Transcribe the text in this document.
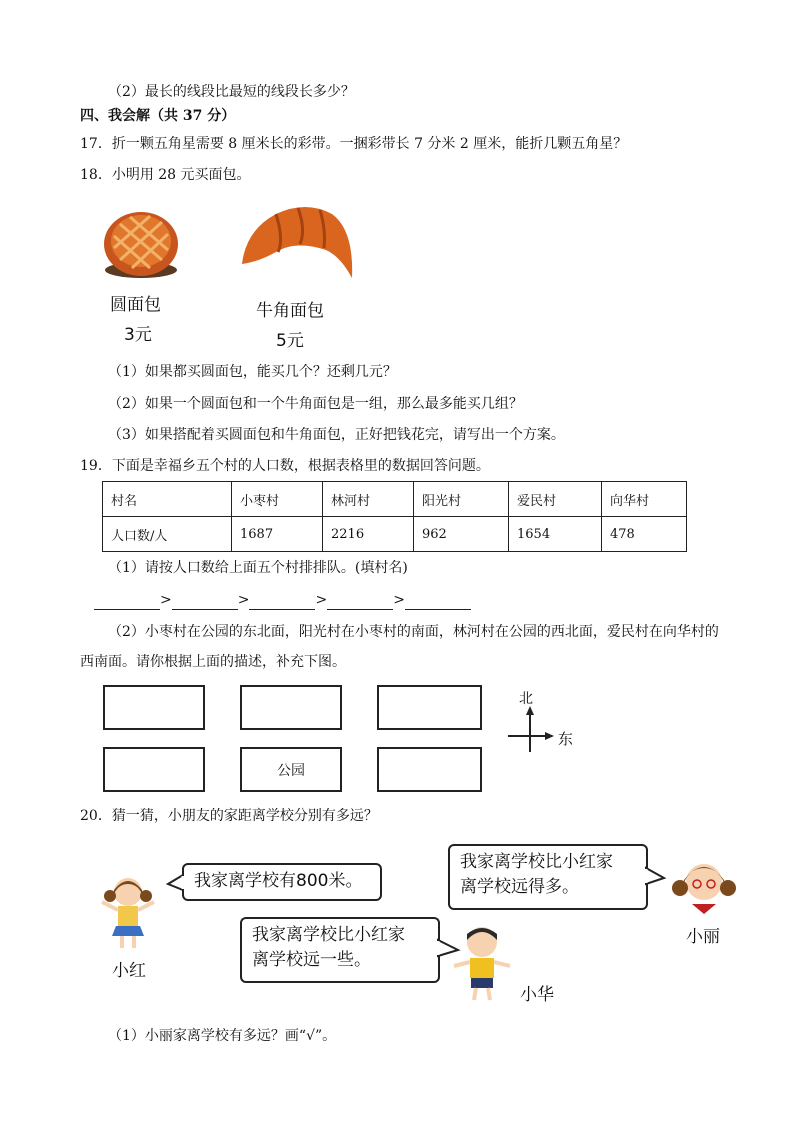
（2）最长的线段比最短的线段长多少？
四、我会解（共 37 分）
17．折一颗五角星需要 8 厘米长的彩带。一捆彩带长 7 分米 2 厘米，能折几颗五角星？
18．小明用 28 元买面包。
圆面包
3元
牛角面包
5元
（1）如果都买圆面包，能买几个？还剩几元？
（2）如果一个圆面包和一个牛角面包是一组，那么最多能买几组？
（3）如果搭配着买圆面包和牛角面包，正好把钱花完，请写出一个方案。
19．下面是幸福乡五个村的人口数，根据表格里的数据回答问题。
村名	小枣村	林河村	阳光村	爱民村	向华村
人口数/人	1687	2216	962	1654	478
（1）请按人口数给上面五个村排排队。(填村名)
>	>	>	>
（2）小枣村在公园的东北面，阳光村在小枣村的南面，林河村在公园的西北面，爱民村在向华村的
西南面。请你根据上面的描述，补充下图。
公园
北
东
20．猜一猜，小朋友的家距离学校分别有多远？
我家离学校有800米。
我家离学校比小红家
离学校远得多。
我家离学校比小红家
离学校远一些。
小红
小丽
小华
（1）小丽家离学校有多远？画“√”。
